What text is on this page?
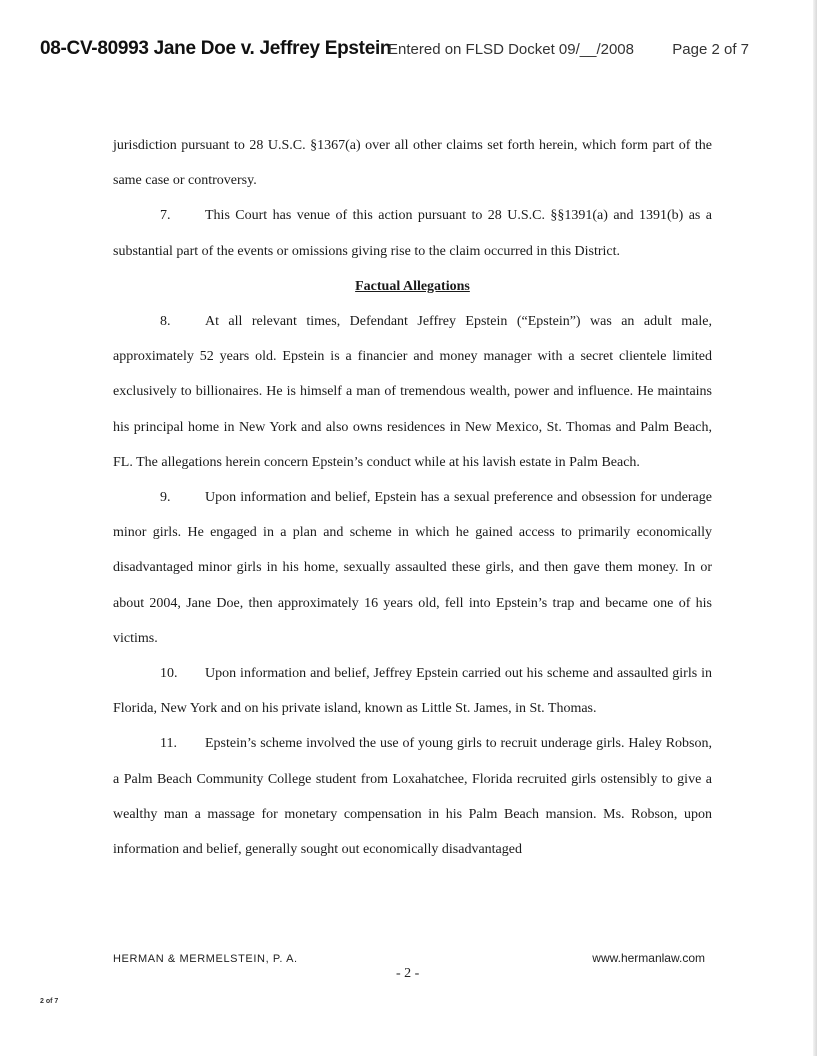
08-CV-80993 Jane Doe v. Jeffrey Epstein
Entered on FLSD Docket 09/__/2008	Page 2 of 7

jurisdiction pursuant to 28 U.S.C. §1367(a) over all other claims set forth herein, which form part of the same case or controversy.

7. This Court has venue of this action pursuant to 28 U.S.C. §§1391(a) and 1391(b) as a substantial part of the events or omissions giving rise to the claim occurred in this District.

Factual Allegations

8. At all relevant times, Defendant Jeffrey Epstein (“Epstein”) was an adult male, approximately 52 years old. Epstein is a financier and money manager with a secret clientele limited exclusively to billionaires. He is himself a man of tremendous wealth, power and influence. He maintains his principal home in New York and also owns residences in New Mexico, St. Thomas and Palm Beach, FL. The allegations herein concern Epstein’s conduct while at his lavish estate in Palm Beach.

9. Upon information and belief, Epstein has a sexual preference and obsession for underage minor girls. He engaged in a plan and scheme in which he gained access to primarily economically disadvantaged minor girls in his home, sexually assaulted these girls, and then gave them money. In or about 2004, Jane Doe, then approximately 16 years old, fell into Epstein’s trap and became one of his victims.

10. Upon information and belief, Jeffrey Epstein carried out his scheme and assaulted girls in Florida, New York and on his private island, known as Little St. James, in St. Thomas.

11. Epstein’s scheme involved the use of young girls to recruit underage girls. Haley Robson, a Palm Beach Community College student from Loxahatchee, Florida recruited girls ostensibly to give a wealthy man a massage for monetary compensation in his Palm Beach mansion. Ms. Robson, upon information and belief, generally sought out economically disadvantaged

HERMAN & MERMELSTEIN, P. A.	www.hermanlaw.com
- 2 -
2 of 7
